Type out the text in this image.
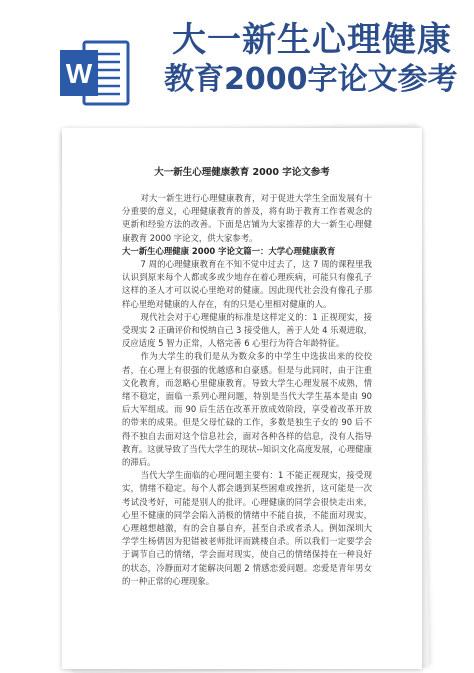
W
大一新生心理健康
教育2000字论文参考
大一新生心理健康教育 2000 字论文参考

对大一新生进行心理健康教育，对于促进大学生全面发展有十分重要的意义，心理健康教育的普及，将有助于教育工作者观念的更新和经验方法的改善。下面是店铺为大家推荐的大一新生心理健康教育 2000 字论文，供大家参考。

大一新生心理健康 2000 字论文篇一：大学心理健康教育

7 周的心理健康教育在不知不觉中过去了，这 7 周的课程里我认识到原来每个人都或多或少地存在着心理疾病，可能只有像孔子这样的圣人才可以说心里绝对的健康。因此现代社会没有像孔子那样心里绝对健康的人存在，有的只是心里相对健康的人。

现代社会对于心理健康的标准是这样定义的：1 正视现实，接受现实 2 正确评价和悦纳自己 3 接受他人，善于人处 4 乐观进取，反应适度 5 智力正常，人格完善 6 心里行为符合年龄特征。

作为大学生的我们是从为数众多的中学生中选拔出来的佼佼者，在心理上有很强的优越感和自豪感。但是与此同时，由于注重文化教育，而忽略心里健康教育。导致大学生心理发展不成熟，情绪不稳定，面临一系列心理问题，特别是当代大学生基本是由 90 后大军组成。而 90 后生活在改革开放成效阶段，享受着改革开放的带来的成果。但是父母忙碌的工作，多数是独生子女的 90 后不得不独自去面对这个信息社会，面对各种各样的信息，没有人指导教育。这就导致了当代大学生的现状--知识文化高度发展，心理健康的滞后。

当代大学生面临的心理问题主要有：1 不能正视现实，接受现实，情绪不稳定。每个人都会遇到某些困难或挫折，这可能是一次考试没考好，可能是别人的批评。心理健康的同学会很快走出来，心里不健康的同学会陷入消极的情绪中不能自拔，不能面对现实，心理越想越激，有的会自暴自弃，甚至自杀或者杀人。例如深圳大学学生杨倩因为犯错被老师批评而跳楼自杀。所以我们一定要学会于调节自己的情绪，学会面对现实，使自己的情绪保持在一种良好的状态，冷静面对才能解决问题 2 情感恋爱问题。恋爱是青年男女的一种正常的心理现象。
